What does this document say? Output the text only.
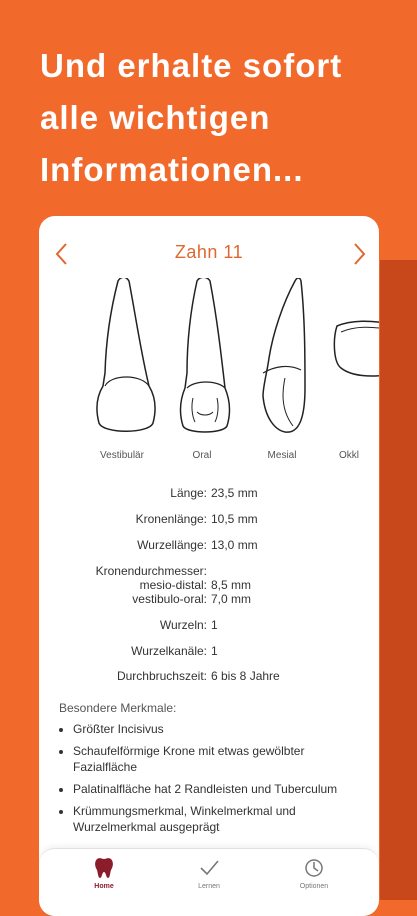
Und erhalte sofort
alle wichtigen
Informationen...
Zahn 11
Vestibulär	Oral	Mesial	Okkl
Länge: 23,5 mm
Kronenlänge: 10,5 mm
Wurzellänge: 13,0 mm
Kronendurchmesser:
mesio-distal: 8,5 mm
vestibulo-oral: 7,0 mm
Wurzeln: 1
Wurzelkanäle: 1
Durchbruchszeit: 6 bis 8 Jahre
Besondere Merkmale:
• Größter Incisivus
• Schaufelförmige Krone mit etwas gewölbter Fazialfläche
• Palatinalfläche hat 2 Randleisten und Tuberculum
• Krümmungsmerkmal, Winkelmerkmal und Wurzelmerkmal ausgeprägt
Home	Lernen	Optionen
